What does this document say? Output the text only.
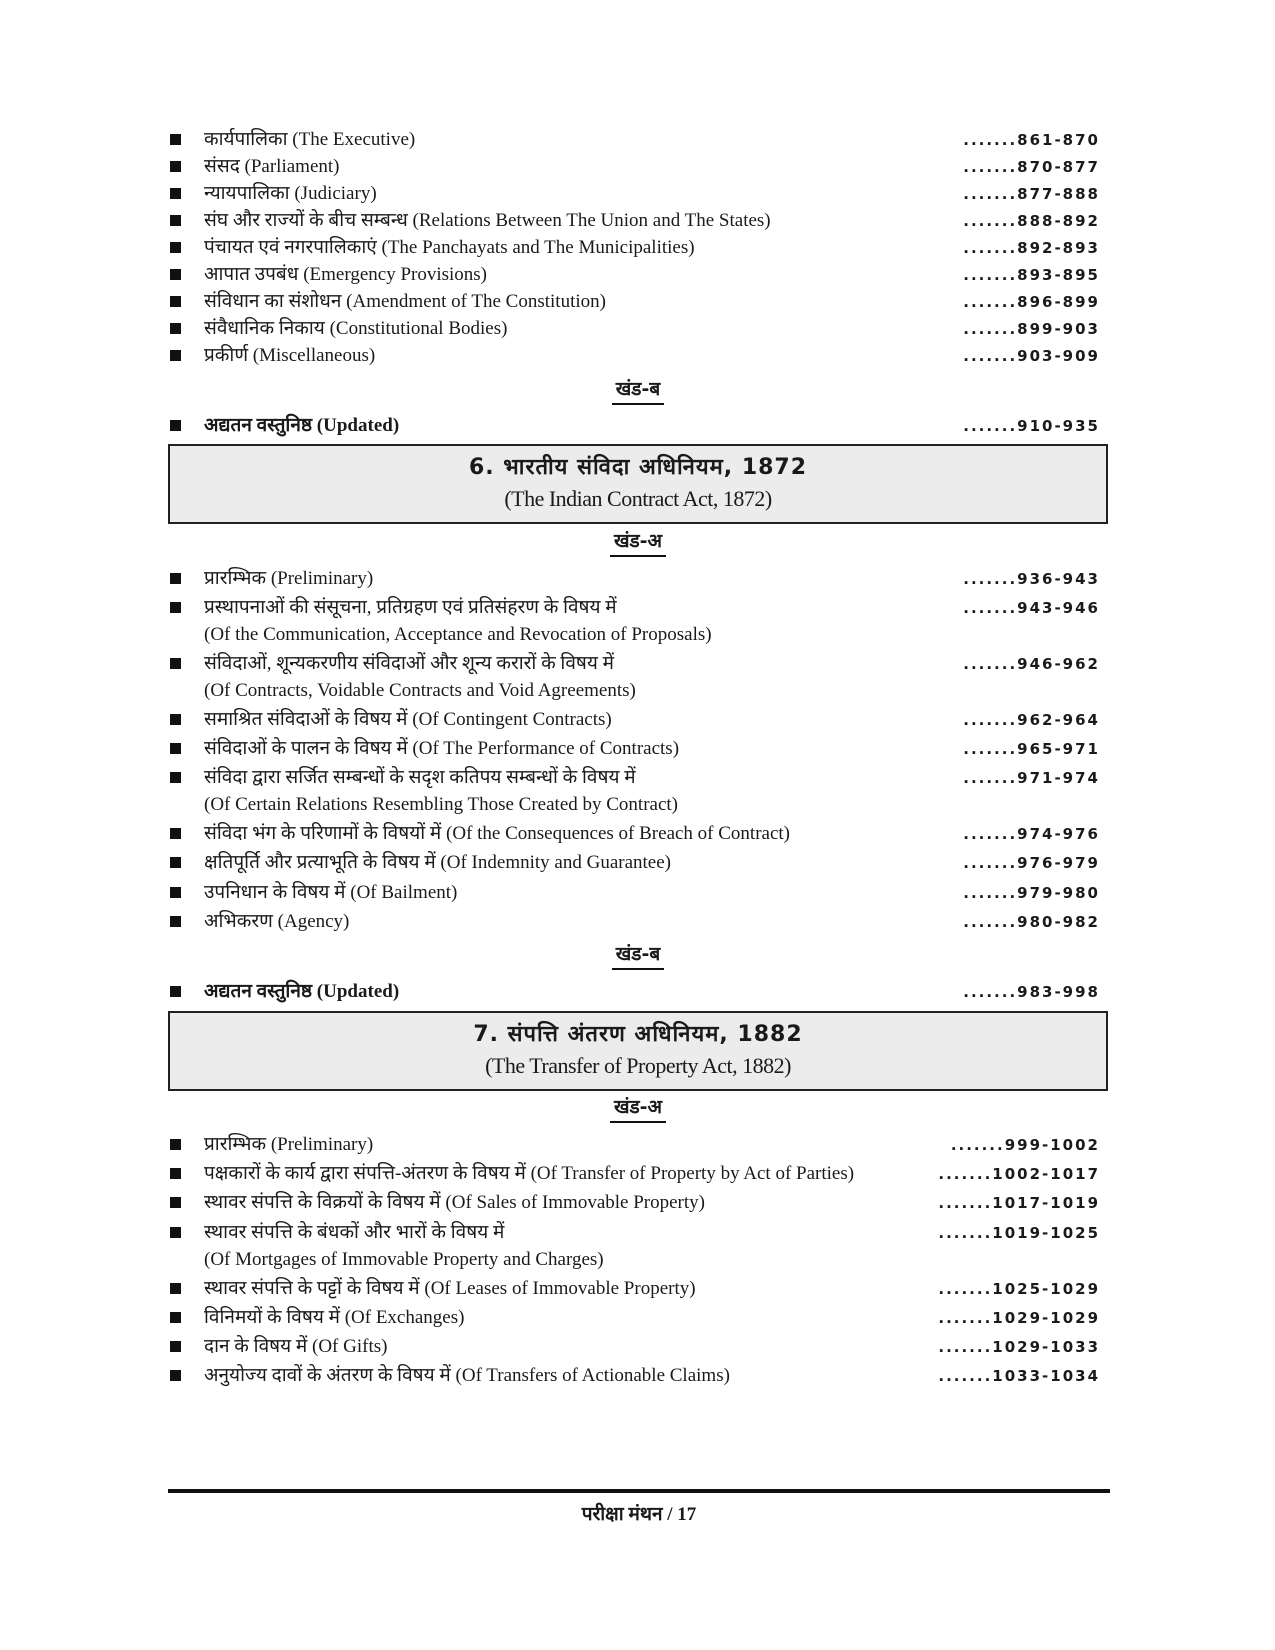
कार्यपालिका (The Executive)	.......861-870
संसद (Parliament)	.......870-877
न्यायपालिका (Judiciary)	.......877-888
संघ और राज्यों के बीच सम्बन्ध (Relations Between The Union and The States)	.......888-892
पंचायत एवं नगरपालिकाएं (The Panchayats and The Municipalities)	.......892-893
आपात उपबंध (Emergency Provisions)	.......893-895
संविधान का संशोधन (Amendment of The Constitution)	.......896-899
संवैधानिक निकाय (Constitutional Bodies)	.......899-903
प्रकीर्ण (Miscellaneous)	.......903-909
खंड-ब
अद्यतन वस्तुनिष्ठ (Updated)	.......910-935
6. भारतीय संविदा अधिनियम, 1872
(The Indian Contract Act, 1872)
खंड-अ
प्रारम्भिक (Preliminary)	.......936-943
प्रस्थापनाओं की संसूचना, प्रतिग्रहण एवं प्रतिसंहरण के विषय में	.......943-946
(Of the Communication, Acceptance and Revocation of Proposals)
संविदाओं, शून्यकरणीय संविदाओं और शून्य करारों के विषय में	.......946-962
(Of Contracts, Voidable Contracts and Void Agreements)
समाश्रित संविदाओं के विषय में (Of Contingent Contracts)	.......962-964
संविदाओं के पालन के विषय में (Of The Performance of Contracts)	.......965-971
संविदा द्वारा सर्जित सम्बन्धों के सदृश कतिपय सम्बन्धों के विषय में	.......971-974
(Of Certain Relations Resembling Those Created by Contract)
संविदा भंग के परिणामों के विषयों में (Of the Consequences of Breach of Contract)	.......974-976
क्षतिपूर्ति और प्रत्याभूति के विषय में (Of Indemnity and Guarantee)	.......976-979
उपनिधान के विषय में (Of Bailment)	.......979-980
अभिकरण (Agency)	.......980-982
खंड-ब
अद्यतन वस्तुनिष्ठ (Updated)	.......983-998
7. संपत्ति अंतरण अधिनियम, 1882
(The Transfer of Property Act, 1882)
खंड-अ
प्रारम्भिक (Preliminary)	.......999-1002
पक्षकारों के कार्य द्वारा संपत्ति-अंतरण के विषय में (Of Transfer of Property by Act of Parties)	.......1002-1017
स्थावर संपत्ति के विक्रयों के विषय में (Of Sales of Immovable Property)	.......1017-1019
स्थावर संपत्ति के बंधकों और भारों के विषय में	.......1019-1025
(Of Mortgages of Immovable Property and Charges)
स्थावर संपत्ति के पट्टों के विषय में (Of Leases of Immovable Property)	.......1025-1029
विनिमयों के विषय में (Of Exchanges)	.......1029-1029
दान के विषय में (Of Gifts)	.......1029-1033
अनुयोज्य दावों के अंतरण के विषय में (Of Transfers of Actionable Claims)	.......1033-1034
परीक्षा मंथन / 17
